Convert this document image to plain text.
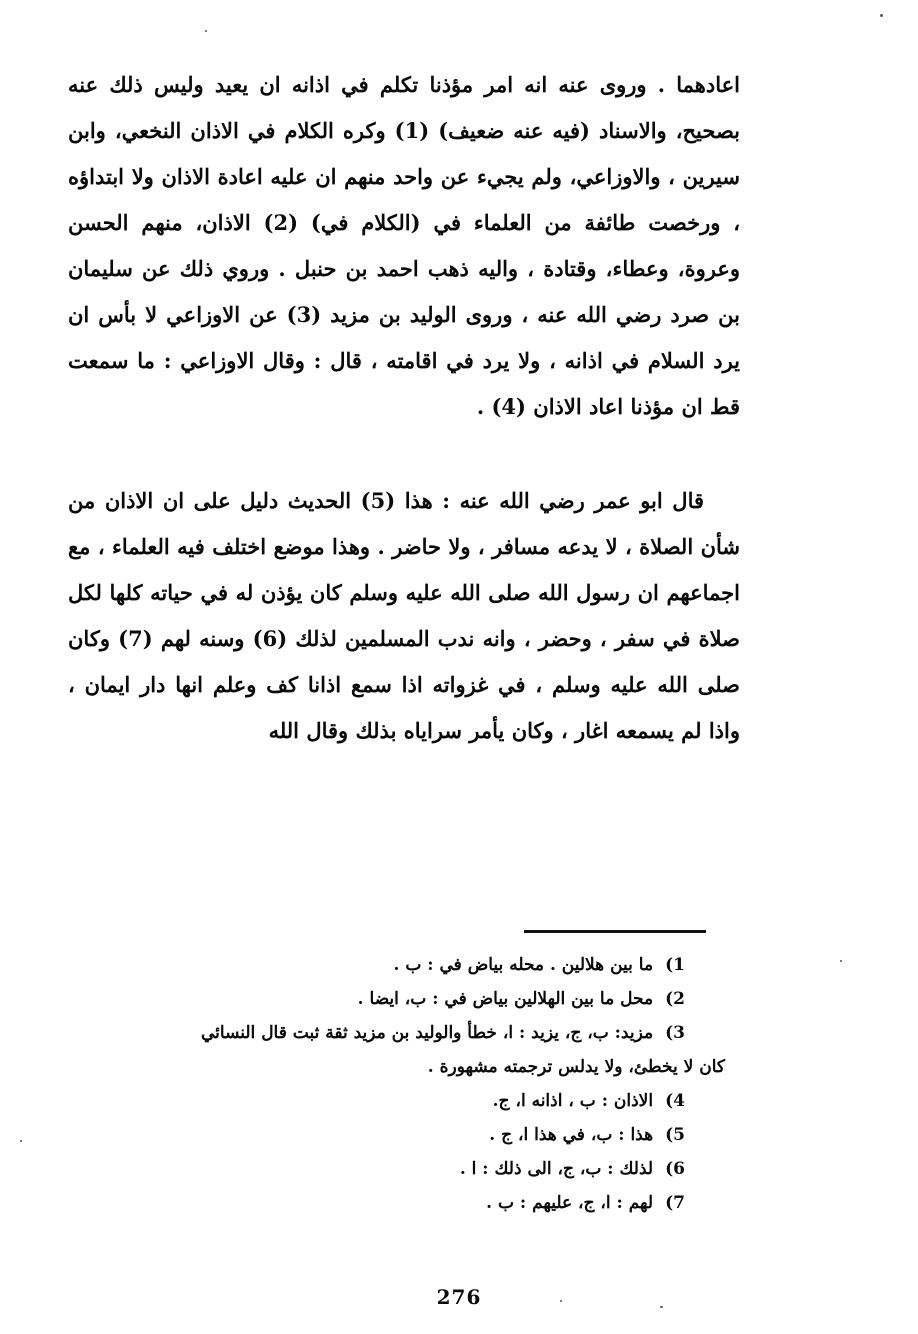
اعادهما . وروى عنه انه امر مؤذنا تكلم في اذانه ان يعيد وليس ذلك عنه بصحيح، والاسناد (فيه عنه ضعيف) (1) وكره الكلام في الاذان النخعي، وابن سيرين ، والاوزاعي، ولم يجيء عن واحد منهم ان عليه اعادة الاذان ولا ابتداؤه ، ورخصت طائفة من العلماء في (الكلام في) (2) الاذان، منهم الحسن وعروة، وعطاء، وقتادة ، واليه ذهب احمد بن حنبل . وروي ذلك عن سليمان بن صرد رضي الله عنه ، وروى الوليد بن مزيد (3) عن الاوزاعي لا بأس ان يرد السلام في اذانه ، ولا يرد في اقامته ، قال : وقال الاوزاعي : ما سمعت قط ان مؤذنا اعاد الاذان (4) .

قال ابو عمر رضي الله عنه : هذا (5) الحديث دليل على ان الاذان من شأن الصلاة ، لا يدعه مسافر ، ولا حاضر . وهذا موضع اختلف فيه العلماء ، مع اجماعهم ان رسول الله صلى الله عليه وسلم كان يؤذن له في حياته كلها لكل صلاة في سفر ، وحضر ، وانه ندب المسلمين لذلك (6) وسنه لهم (7) وكان صلى الله عليه وسلم ، في غزواته اذا سمع اذانا كف وعلم انها دار ايمان ، واذا لم يسمعه اغار ، وكان يأمر سراياه بذلك وقال الله

1) ما بين هلالين . محله بياض في : ب .
2) محل ما بين الهلالين بياض في : ب، ايضا .
3) مزيد: ب، ج، يزيد : ا، خطأ والوليد بن مزيد ثقة ثبت قال النسائي
كان لا يخطئ، ولا يدلس ترجمته مشهورة .
4) الاذان : ب ، اذانه ا، ج.
5) هذا : ب، في هذا ا، ج .
6) لذلك : ب، ج، الى ذلك : ا .
7) لهم : ا، ج، عليهم : ب .
276
